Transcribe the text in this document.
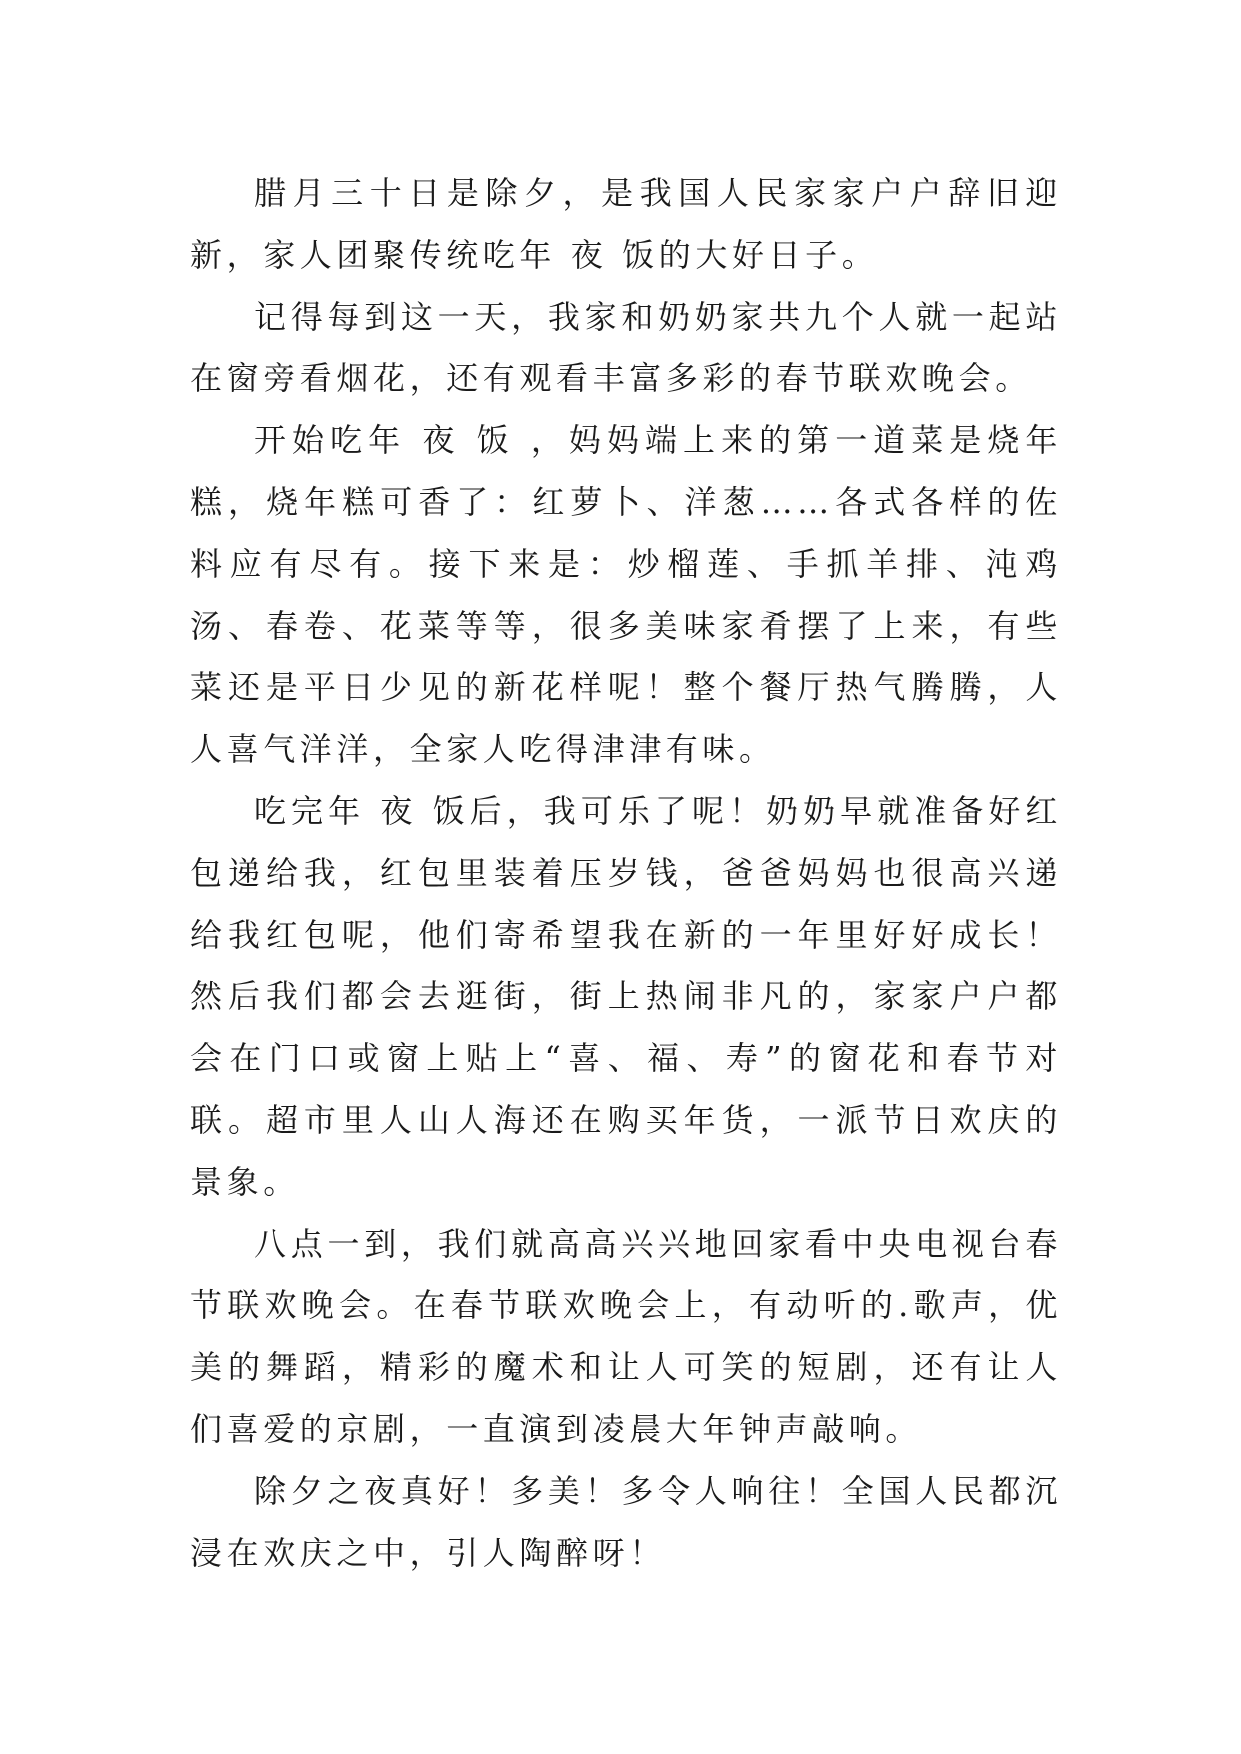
腊月三十日是除夕，是我国人民家家户户辞旧迎新，家人团聚传统吃年 夜 饭的大好日子。

记得每到这一天，我家和奶奶家共九个人就一起站在窗旁看烟花，还有观看丰富多彩的春节联欢晚会。

开始吃年 夜 饭 ，妈妈端上来的第一道菜是烧年糕，烧年糕可香了：红萝卜、洋葱……各式各样的佐料应有尽有。接下来是：炒榴莲、手抓羊排、沌鸡汤、春卷、花菜等等，很多美味家肴摆了上来，有些菜还是平日少见的新花样呢！整个餐厅热气腾腾，人人喜气洋洋，全家人吃得津津有味。

吃完年 夜 饭后，我可乐了呢！奶奶早就准备好红包递给我，红包里装着压岁钱，爸爸妈妈也很高兴递给我红包呢，他们寄希望我在新的一年里好好成长！然后我们都会去逛街，街上热闹非凡的，家家户户都会在门口或窗上贴上“喜、福、寿”的窗花和春节对联。超市里人山人海还在购买年货，一派节日欢庆的景象。

八点一到，我们就高高兴兴地回家看中央电视台春节联欢晚会。在春节联欢晚会上，有动听的.歌声，优美的舞蹈，精彩的魔术和让人可笑的短剧，还有让人们喜爱的京剧，一直演到凌晨大年钟声敲响。

除夕之夜真好！多美！多令人响往！全国人民都沉浸在欢庆之中，引人陶醉呀！
